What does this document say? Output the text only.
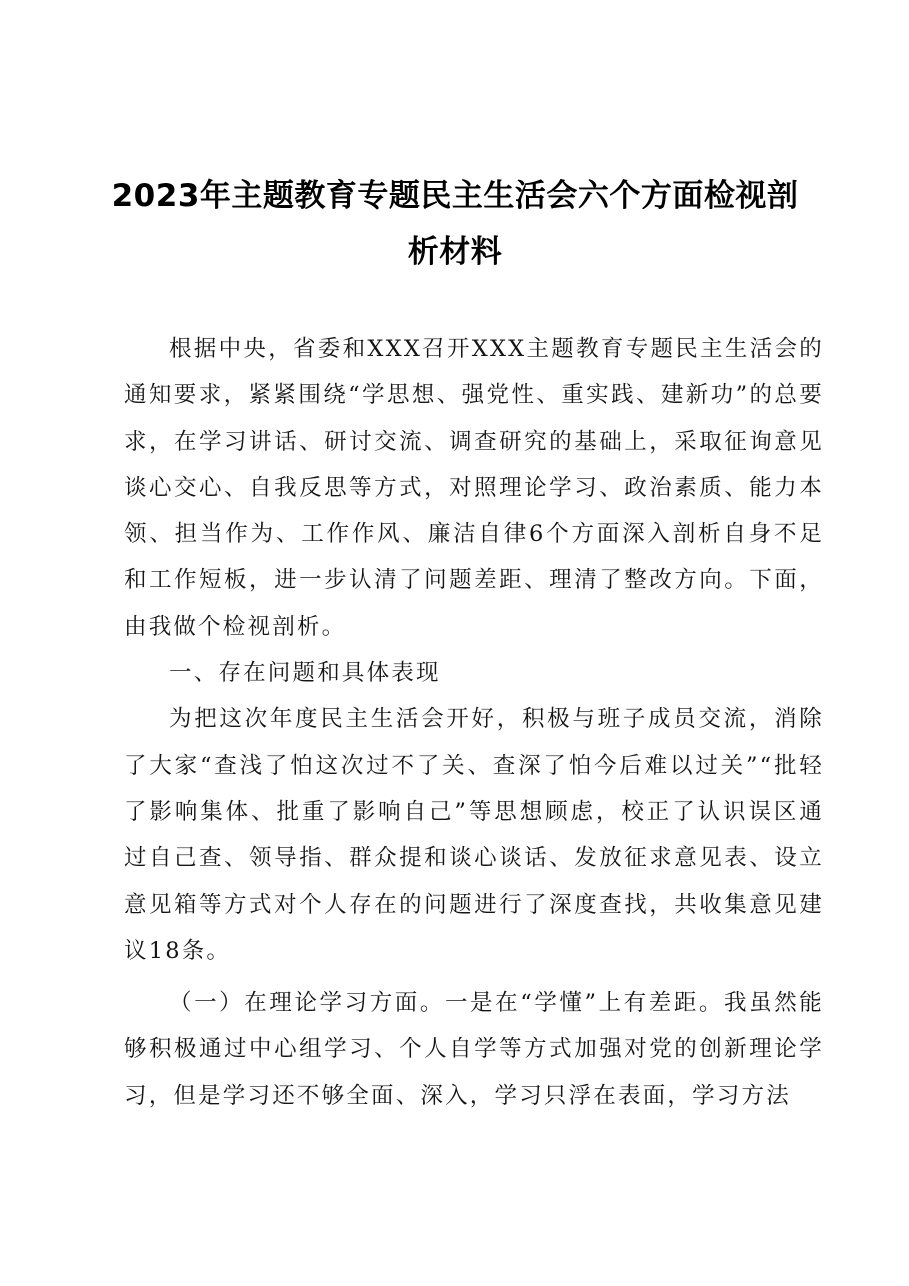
2023年主题教育专题民主生活会六个方面检视剖析材料

根据中央，省委和XXX召开XXX主题教育专题民主生活会的通知要求，紧紧围绕“学思想、强党性、重实践、建新功”的总要求，在学习讲话、研讨交流、调查研究的基础上，采取征询意见谈心交心、自我反思等方式，对照理论学习、政治素质、能力本领、担当作为、工作作风、廉洁自律6个方面深入剖析自身不足和工作短板，进一步认清了问题差距、理清了整改方向。下面，由我做个检视剖析。

一、存在问题和具体表现

为把这次年度民主生活会开好，积极与班子成员交流，消除了大家“查浅了怕这次过不了关、查深了怕今后难以过关”“批轻了影响集体、批重了影响自己”等思想顾虑，校正了认识误区通过自己查、领导指、群众提和谈心谈话、发放征求意见表、设立意见箱等方式对个人存在的问题进行了深度查找，共收集意见建议18条。

（一）在理论学习方面。一是在“学懂”上有差距。我虽然能够积极通过中心组学习、个人自学等方式加强对党的创新理论学习，但是学习还不够全面、深入，学习只浮在表面，学习方法
